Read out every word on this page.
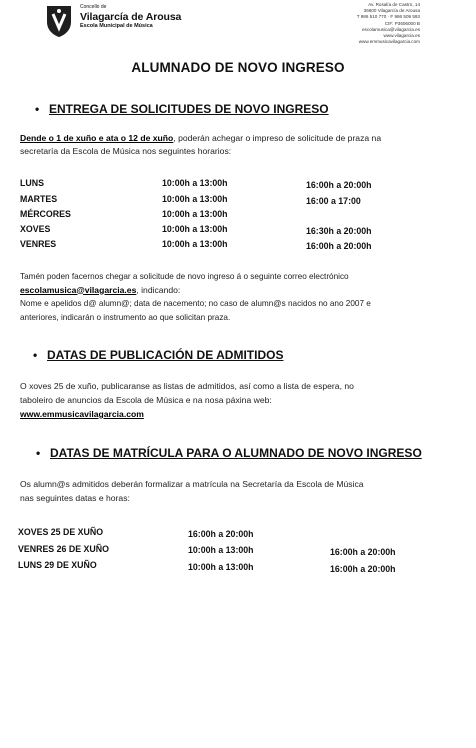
Concello de
Vilagarcía de Arousa
Escola Municipal de Música
Av. Rosalía de Castro, 14
36600 Vilagarcía de Arousa
T 986 510 770 · F 986 509 593
CIF: P3606000 B
escolamusica@vilagarcia.es
www.vilagarcia.es
www.emmusicavilagarcia.com
ALUMNADO DE NOVO INGRESO
• ENTREGA DE SOLICITUDES DE NOVO INGRESO
Dende o 1 de xuño e ata o 12 de xuño, poderán achegar o impreso de solicitude de praza na
secretaría da Escola de Música nos seguintes horarios:
LUNS	10:00h a 13:00h	16:00h a 20:00h
MARTES	10:00h a 13:00h	16:00 a 17:00
MÉRCORES	10:00h a 13:00h
XOVES	10:00h a 13:00h	16:30h a 20:00h
VENRES	10:00h a 13:00h	16:00h a 20:00h
Tamén poden facernos chegar a solicitude de novo ingreso á o seguinte correo electrónico
escolamusica@vilagarcia.es, indicando:
Nome e apelidos d@ alumn@; data de nacemento; no caso de alumn@s nacidos no ano 2007 e
anteriores, indicarán o instrumento ao que solicitan praza.
• DATAS DE PUBLICACIÓN DE ADMITIDOS
O xoves 25 de xuño, publicaranse as listas de admitidos, así como a lista de espera, no
taboleiro de anuncios da Escola de Música e na nosa páxina web:
www.emmusicavilagarcia.com
• DATAS DE MATRÍCULA PARA O ALUMNADO DE NOVO INGRESO
Os alumn@s admitidos deberán formalizar a matrícula na Secretaría da Escola de Música
nas seguintes datas e horas:
XOVES 25 DE XUÑO	16:00h a 20:00h
VENRES 26 DE XUÑO	10:00h a 13:00h	16:00h a 20:00h
LUNS 29 DE XUÑO	10:00h a 13:00h	16:00h a 20:00h
